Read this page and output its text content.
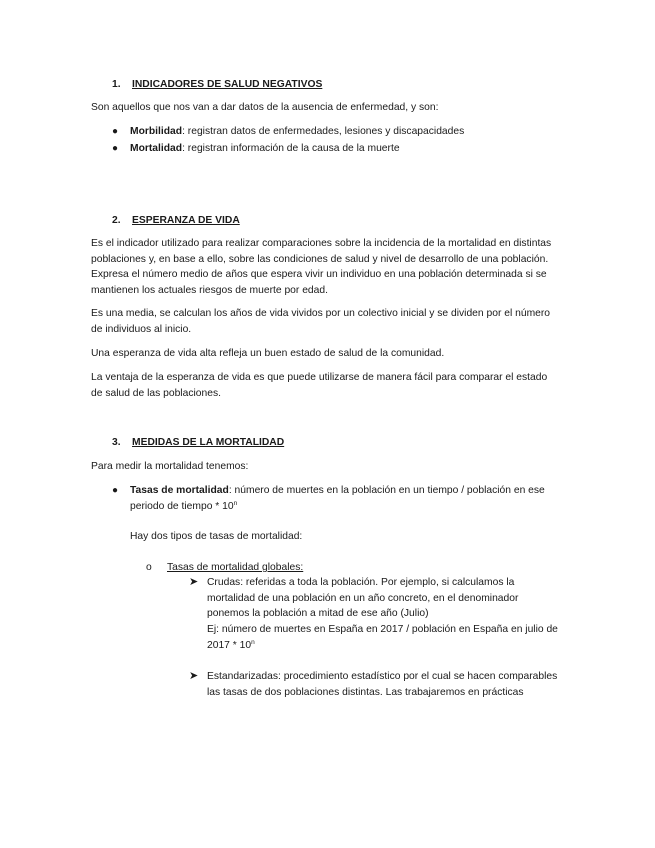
1. INDICADORES DE SALUD NEGATIVOS
Son aquellos que nos van a dar datos de la ausencia de enfermedad, y son:
● Morbilidad: registran datos de enfermedades, lesiones y discapacidades
● Mortalidad: registran información de la causa de la muerte
2. ESPERANZA DE VIDA
Es el indicador utilizado para realizar comparaciones sobre la incidencia de la mortalidad en distintas poblaciones y, en base a ello, sobre las condiciones de salud y nivel de desarrollo de una población. Expresa el número medio de años que espera vivir un individuo en una población determinada si se mantienen los actuales riesgos de muerte por edad.
Es una media, se calculan los años de vida vividos por un colectivo inicial y se dividen por el número de individuos al inicio.
Una esperanza de vida alta refleja un buen estado de salud de la comunidad.
La ventaja de la esperanza de vida es que puede utilizarse de manera fácil para comparar el estado de salud de las poblaciones.
3. MEDIDAS DE LA MORTALIDAD
Para medir la mortalidad tenemos:
● Tasas de mortalidad: número de muertes en la población en un tiempo / población en ese periodo de tiempo * 10$^n$
Hay dos tipos de tasas de mortalidad:
o Tasas de mortalidad globales:
➤ Crudas: referidas a toda la población. Por ejemplo, si calculamos la mortalidad de una población en un año concreto, en el denominador ponemos la población a mitad de ese año (Julio)
Ej: número de muertes en España en 2017 / población en España en julio de 2017 * 10$^n$
➤ Estandarizadas: procedimiento estadístico por el cual se hacen comparables las tasas de dos poblaciones distintas. Las trabajaremos en prácticas
